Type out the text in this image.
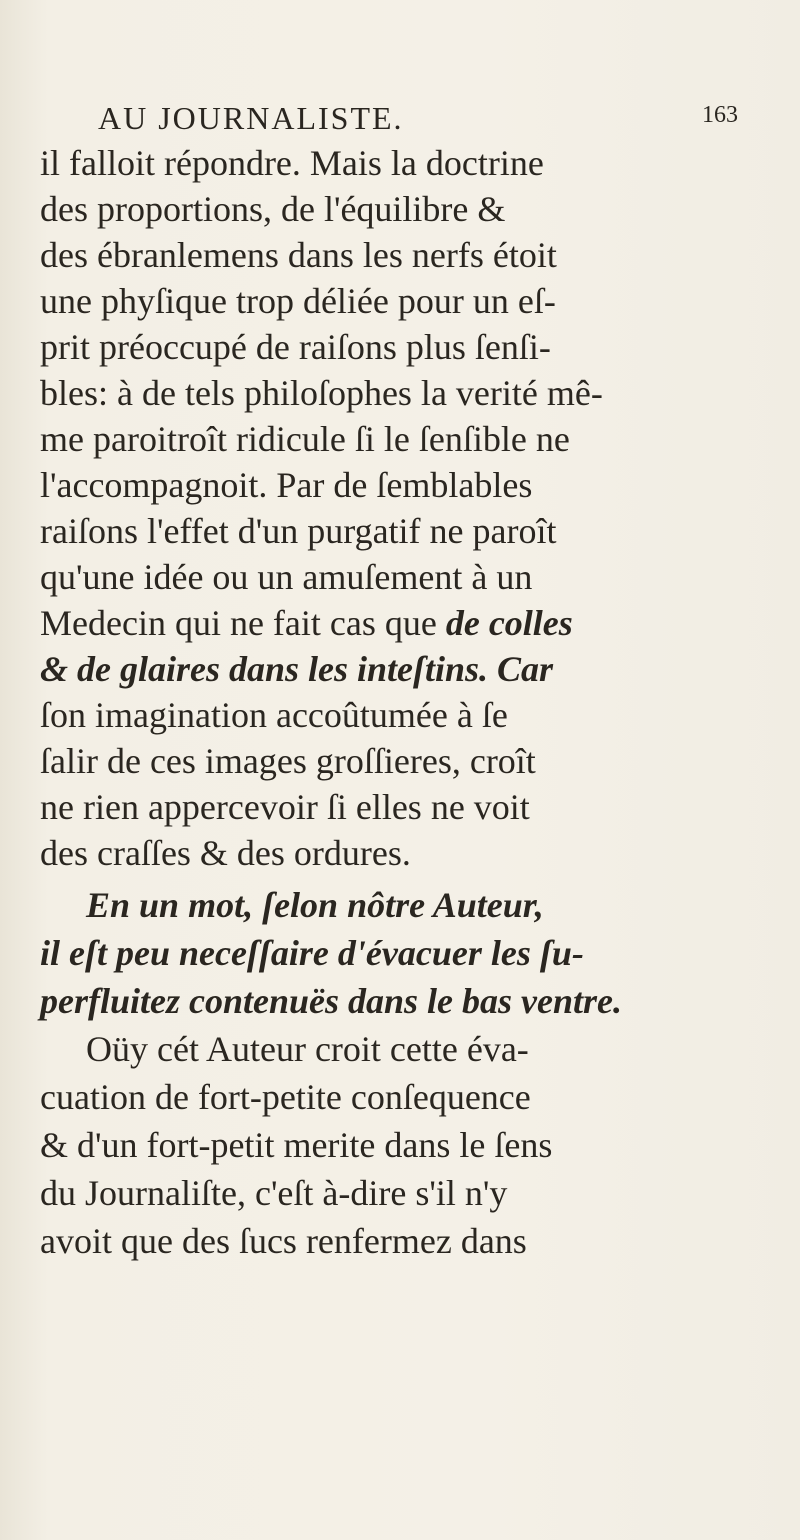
AU JOURNALISTE.	163
il falloit répondre. Mais la doctrine
des proportions, de l'équilibre &
des ébranlemens dans les nerfs étoit
une phyſique trop déliée pour un eſ-
prit préoccupé de raiſons plus ſenſi-
bles: à de tels philoſophes la verité mê-
me paroitroît ridicule ſi le ſenſible ne
l'accompagnoit. Par de ſemblables
raiſons l'effet d'un purgatif ne paroît
qu'une idée ou un amuſement à un
Medecin qui ne fait cas que de colles
& de glaires dans les inteſtins. Car
ſon imagination accoûtumée à ſe
ſalir de ces images groſſieres, croît
ne rien appercevoir ſi elles ne voit
des craſſes & des ordures.
En un mot, ſelon nôtre Auteur,
il eſt peu neceſſaire d'évacuer les ſu-
perfluitez contenuës dans le bas ventre.
Oüy cét Auteur croit cette éva-
cuation de fort-petite conſequence
& d'un fort-petit merite dans le ſens
du Journaliſte, c'eſt à-dire s'il n'y
avoit que des ſucs renfermez dans
